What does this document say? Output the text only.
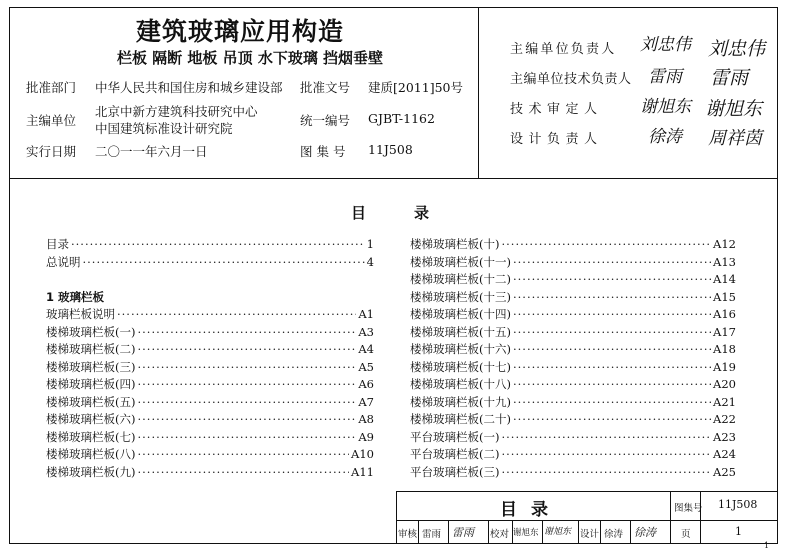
建筑玻璃应用构造
栏板 隔断 地板 吊顶 水下玻璃 挡烟垂壁
批准部门 中华人民共和国住房和城乡建设部 批准文号 建质[2011]50号
主编单位
北京中新方建筑科技研究中心
中国建筑标准设计研究院
统一编号 GJBT-1162
实行日期 二〇一一年六月一日	图 集 号 11J508
主编单位负责人 刘忠伟 刘忠伟
主编单位技术负责人 雷雨 雷雨
技术审定人 谢旭东 谢旭东
设计负责人	徐涛 周祥茵
目	录
目录 ·····	1
总说明 ·····	4
1 玻璃栏板
玻璃栏板说明 ·····	A1
楼梯玻璃栏板(一) ·····	A3
楼梯玻璃栏板(二) ·····	A4
楼梯玻璃栏板(三) ·····	A5
楼梯玻璃栏板(四) ·····	A6
楼梯玻璃栏板(五) ·····	A7
楼梯玻璃栏板(六) ·····	A8
楼梯玻璃栏板(七) ·····	A9
楼梯玻璃栏板(八) ·····	A10
楼梯玻璃栏板(九) ·····	A11
楼梯玻璃栏板(十) ·····	A12
楼梯玻璃栏板(十一) ·····	A13
楼梯玻璃栏板(十二) ·····	A14
楼梯玻璃栏板(十三) ·····	A15
楼梯玻璃栏板(十四) ·····	A16
楼梯玻璃栏板(十五) ·····	A17
楼梯玻璃栏板(十六) ·····	A18
楼梯玻璃栏板(十七) ·····	A19
楼梯玻璃栏板(十八) ·····	A20
楼梯玻璃栏板(十九) ·····	A21
楼梯玻璃栏板(二十) ·····	A22
平台玻璃栏板(一) ·····	A23
平台玻璃栏板(二) ·····	A24
平台玻璃栏板(三) ·····	A25
目录	图集号 11J508
审核 雷雨 雷雨 校对 谢旭东 谢旭东 设计 徐涛 徐涛	页	1
1
